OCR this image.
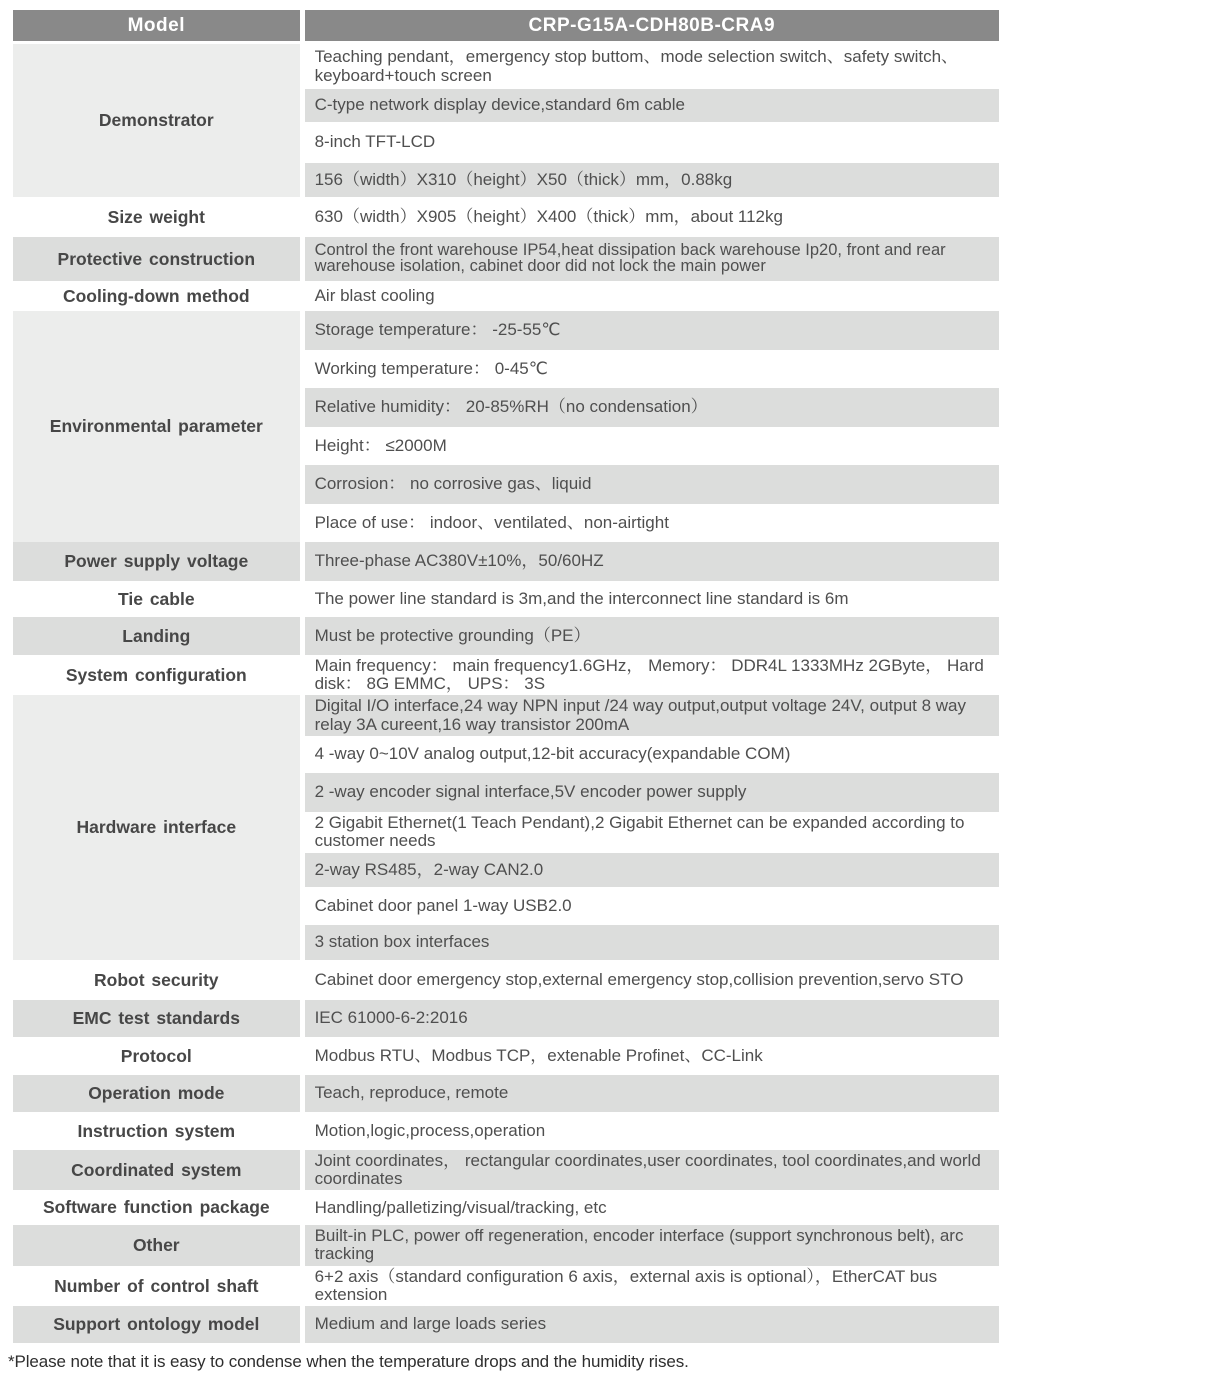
Model	CRP-G15A-CDH80B-CRA9
Demonstrator	Teaching pendant，emergency stop buttom、mode selection switch、safety switch、keyboard+touch screen
	C-type network display device,standard 6m cable
	8-inch TFT-LCD
	156（width）X310（height）X50（thick）mm，0.88kg
Size weight	630（width）X905（height）X400（thick）mm，about 112kg
Protective construction	Control the front warehouse IP54,heat dissipation back warehouse Ip20, front and rear warehouse isolation, cabinet door did not lock the main power
Cooling-down method	Air blast cooling
Environmental parameter	Storage temperature： -25-55℃
	Working temperature： 0-45℃
	Relative humidity： 20-85%RH（no condensation）
	Height： ≤2000M
	Corrosion： no corrosive gas、liquid
	Place of use： indoor、ventilated、non-airtight
Power supply voltage	Three-phase AC380V±10%，50/60HZ
Tie cable	The power line standard is 3m,and the interconnect line standard is 6m
Landing	Must be protective grounding（PE）
System configuration	Main frequency： main frequency1.6GHz， Memory： DDR4L 1333MHz 2GByte， Hard disk： 8G EMMC， UPS： 3S
Hardware interface	Digital I/O interface,24 way NPN input /24 way output,output voltage 24V, output 8 way relay 3A cureent,16 way transistor 200mA
	4 -way 0~10V analog output,12-bit accuracy(expandable COM)
	2 -way encoder signal interface,5V encoder power supply
	2 Gigabit Ethernet(1 Teach Pendant),2 Gigabit Ethernet can be expanded according to customer needs
	2-way RS485，2-way CAN2.0
	Cabinet door panel 1-way USB2.0
	3 station box interfaces
Robot security	Cabinet door emergency stop,external emergency stop,collision prevention,servo STO
EMC test standards	IEC 61000-6-2:2016
Protocol	Modbus RTU、Modbus TCP，extenable Profinet、CC-Link
Operation mode	Teach, reproduce, remote
Instruction system	Motion,logic,process,operation
Coordinated system	Joint coordinates， rectangular coordinates,user coordinates, tool coordinates,and world coordinates
Software function package	Handling/palletizing/visual/tracking, etc
Other	Built-in PLC, power off regeneration, encoder interface (support synchronous belt), arc tracking
Number of control shaft	6+2 axis（standard configuration 6 axis，external axis is optional），EtherCAT bus extension
Support ontology model	Medium and large loads series
*Please note that it is easy to condense when the temperature drops and the humidity rises.
